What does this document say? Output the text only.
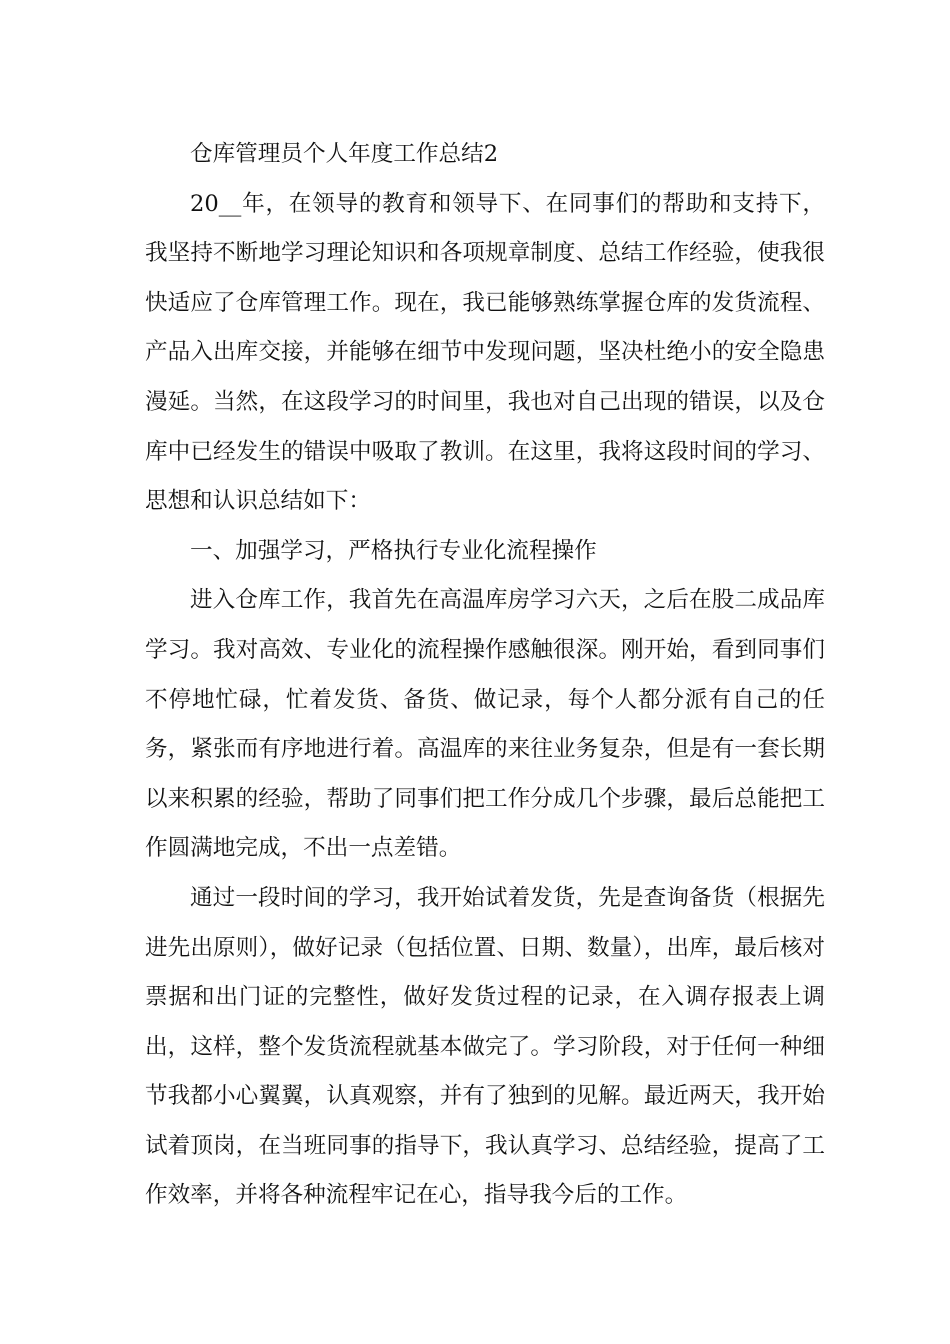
仓库管理员个人年度工作总结2

20__年，在领导的教育和领导下、在同事们的帮助和支持下，我坚持不断地学习理论知识和各项规章制度、总结工作经验，使我很快适应了仓库管理工作。现在，我已能够熟练掌握仓库的发货流程、产品入出库交接，并能够在细节中发现问题，坚决杜绝小的安全隐患漫延。当然，在这段学习的时间里，我也对自己出现的错误，以及仓库中已经发生的错误中吸取了教训。在这里，我将这段时间的学习、思想和认识总结如下：

一、加强学习，严格执行专业化流程操作

进入仓库工作，我首先在高温库房学习六天，之后在股二成品库学习。我对高效、专业化的流程操作感触很深。刚开始，看到同事们不停地忙碌，忙着发货、备货、做记录，每个人都分派有自己的任务，紧张而有序地进行着。高温库的来往业务复杂，但是有一套长期以来积累的经验，帮助了同事们把工作分成几个步骤，最后总能把工作圆满地完成，不出一点差错。

通过一段时间的学习，我开始试着发货，先是查询备货（根据先进先出原则），做好记录（包括位置、日期、数量），出库，最后核对票据和出门证的完整性，做好发货过程的记录，在入调存报表上调出，这样，整个发货流程就基本做完了。学习阶段，对于任何一种细节我都小心翼翼，认真观察，并有了独到的见解。最近两天，我开始试着顶岗，在当班同事的指导下，我认真学习、总结经验，提高了工作效率，并将各种流程牢记在心，指导我今后的工作。
